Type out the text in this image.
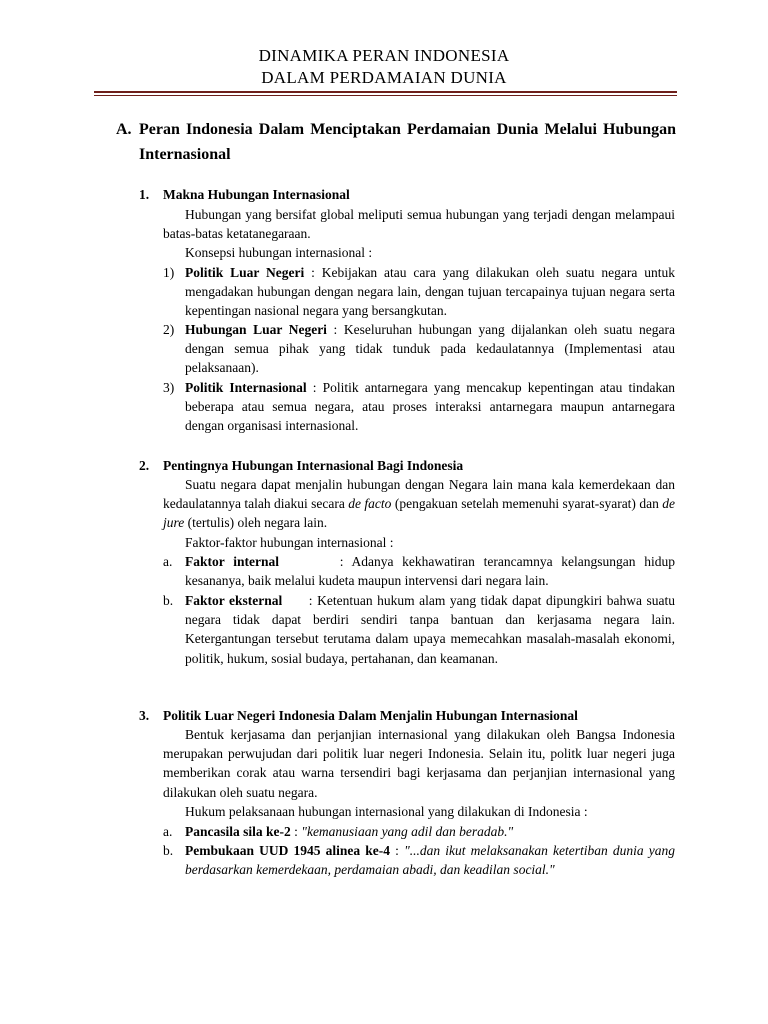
DINAMIKA PERAN INDONESIA
DALAM PERDAMAIAN DUNIA
A. Peran Indonesia Dalam Menciptakan Perdamaian Dunia Melalui Hubungan Internasional
1. Makna Hubungan Internasional
Hubungan yang bersifat global meliputi semua hubungan yang terjadi dengan melampaui batas-batas ketatanegaraan.
Konsepsi hubungan internasional :
1) Politik Luar Negeri : Kebijakan atau cara yang dilakukan oleh suatu negara untuk mengadakan hubungan dengan negara lain, dengan tujuan tercapainya tujuan negara serta kepentingan nasional negara yang bersangkutan.
2) Hubungan Luar Negeri : Keseluruhan hubungan yang dijalankan oleh suatu negara dengan semua pihak yang tidak tunduk pada kedaulatannya (Implementasi atau pelaksanaan).
3) Politik Internasional : Politik antarnegara yang mencakup kepentingan atau tindakan beberapa atau semua negara, atau proses interaksi antarnegara maupun antarnegara dengan organisasi internasional.
2. Pentingnya Hubungan Internasional Bagi Indonesia
Suatu negara dapat menjalin hubungan dengan Negara lain mana kala kemerdekaan dan kedaulatannya talah diakui secara de facto (pengakuan setelah memenuhi syarat-syarat) dan de jure (tertulis) oleh negara lain.
Faktor-faktor hubungan internasional :
a. Faktor internal	: Adanya kekhawatiran terancamnya kelangsungan hidup kesananya, baik melalui kudeta maupun intervensi dari negara lain.
b. Faktor eksternal : Ketentuan hukum alam yang tidak dapat dipungkiri bahwa suatu negara tidak dapat berdiri sendiri tanpa bantuan dan kerjasama negara lain. Ketergantungan tersebut terutama dalam upaya memecahkan masalah-masalah ekonomi, politik, hukum, sosial budaya, pertahanan, dan keamanan.
3. Politik Luar Negeri Indonesia Dalam Menjalin Hubungan Internasional
Bentuk kerjasama dan perjanjian internasional yang dilakukan oleh Bangsa Indonesia merupakan perwujudan dari politik luar negeri Indonesia. Selain itu, politk luar negeri juga memberikan corak atau warna tersendiri bagi kerjasama dan perjanjian internasional yang dilakukan oleh suatu negara.
Hukum pelaksanaan hubungan internasional yang dilakukan di Indonesia :
a. Pancasila sila ke-2 : "kemanusiaan yang adil dan beradab."
b. Pembukaan UUD 1945 alinea ke-4 : "...dan ikut melaksanakan ketertiban dunia yang berdasarkan kemerdekaan, perdamaian abadi, dan keadilan social."
